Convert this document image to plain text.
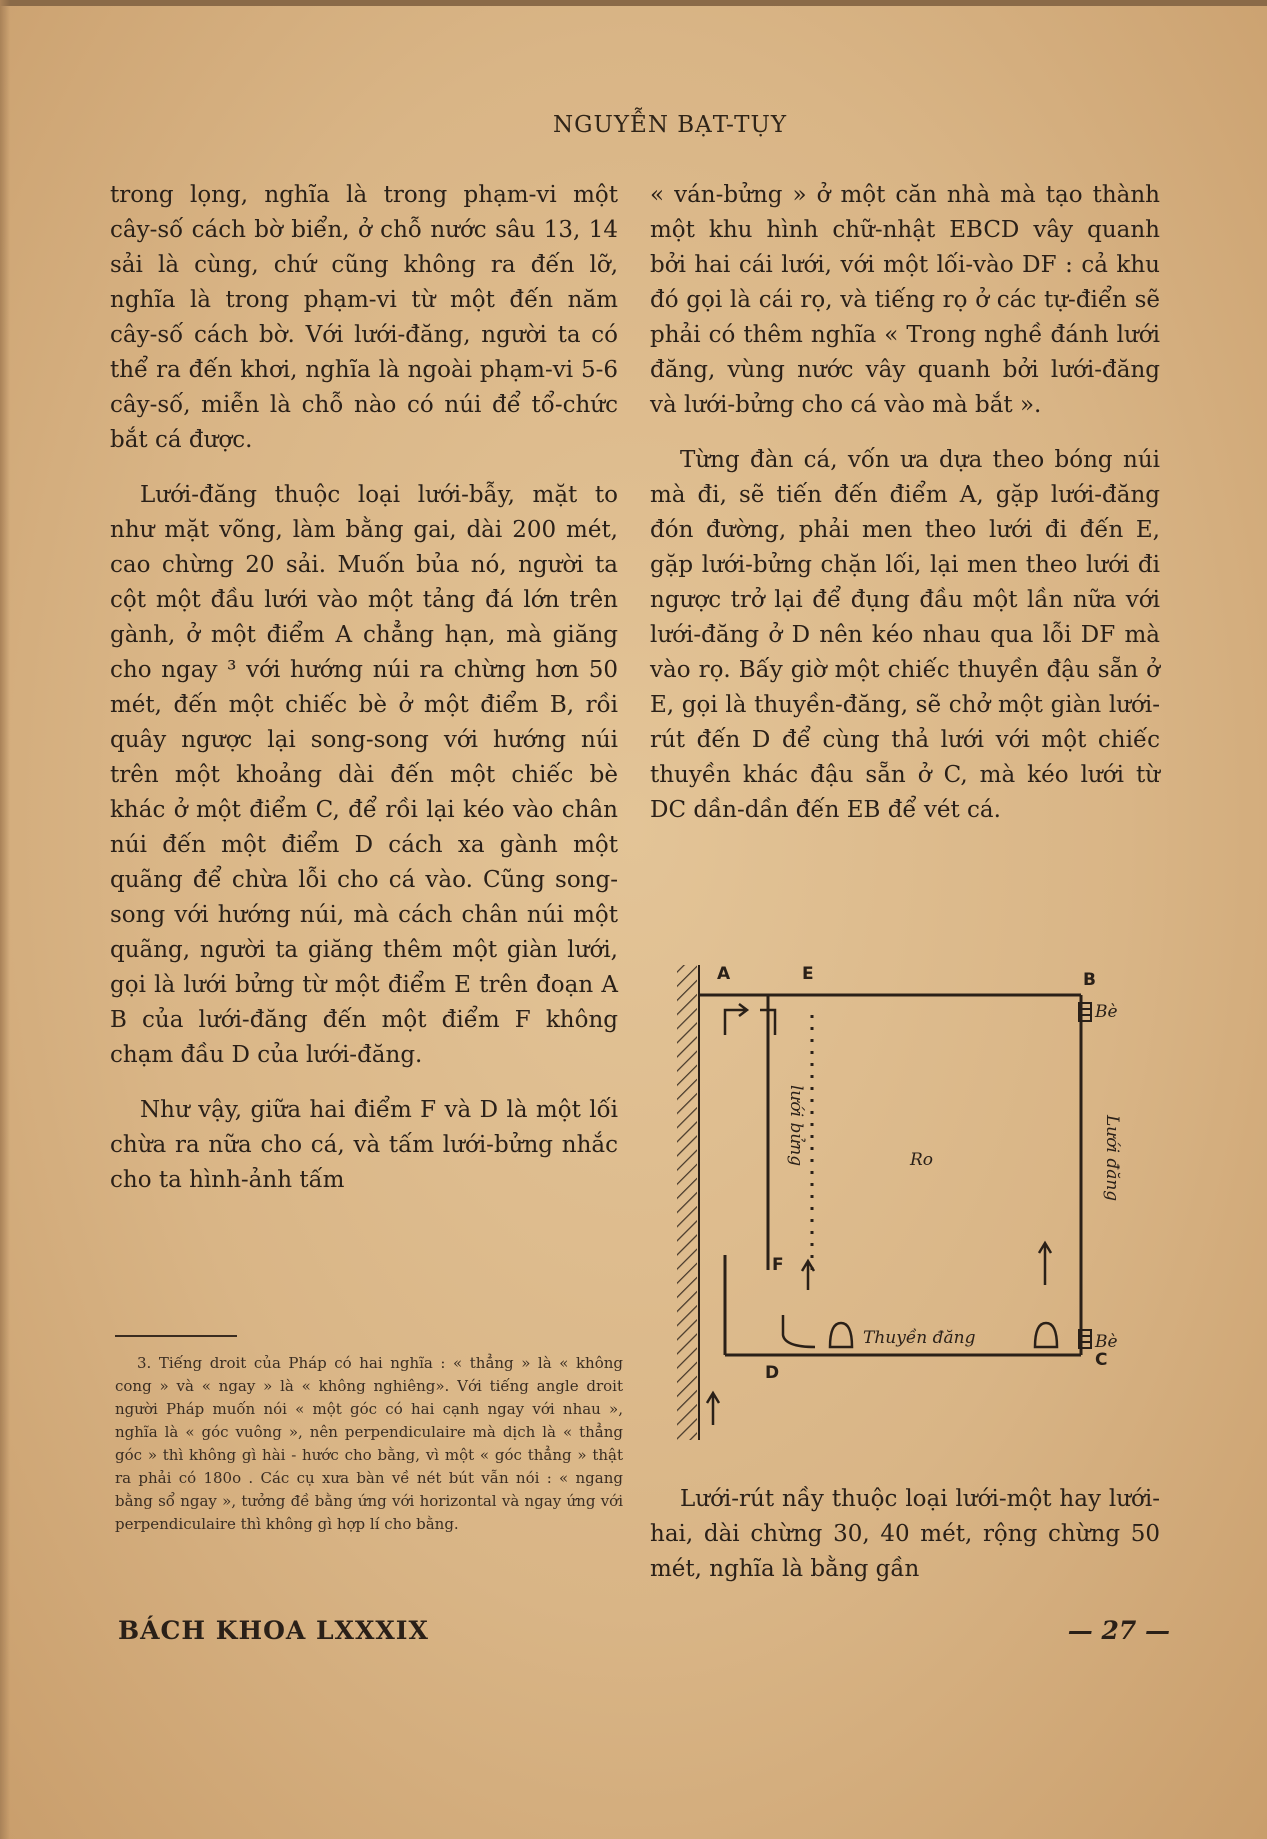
NGUYỄN BẠT-TỤY

trong lọng, nghĩa là trong phạm-vi một cây-số cách bờ biển, ở chỗ nước sâu 13, 14 sải là cùng, chứ cũng không ra đến lỡ, nghĩa là trong phạm-vi từ một đến năm cây-số cách bờ. Với lưới-đăng, người ta có thể ra đến khơi, nghĩa là ngoài phạm-vi 5-6 cây-số, miễn là chỗ nào có núi để tổ-chức bắt cá được.

Lưới-đăng thuộc loại lưới-bẫy, mặt to như mặt võng, làm bằng gai, dài 200 mét, cao chừng 20 sải. Muốn bủa nó, người ta cột một đầu lưới vào một tảng đá lớn trên gành, ở một điểm A chẳng hạn, mà giăng cho ngay ³ với hướng núi ra chừng hơn 50 mét, đến một chiếc bè ở một điểm B, rồi quây ngược lại song-song với hướng núi trên một khoảng dài đến một chiếc bè khác ở một điểm C, để rồi lại kéo vào chân núi đến một điểm D cách xa gành một quãng để chừa lỗi cho cá vào. Cũng song-song với hướng núi, mà cách chân núi một quãng, người ta giăng thêm một giàn lưới, gọi là lưới bửng từ một điểm E trên đoạn A B của lưới-đăng đến một điểm F không chạm đầu D của lưới-đăng.

Như vậy, giữa hai điểm F và D là một lối chừa ra nữa cho cá, và tấm lưới-bửng nhắc cho ta hình-ảnh tấm

3. Tiếng droit của Pháp có hai nghĩa : « thẳng » là « không cong » và « ngay » là « không nghiêng». Với tiếng angle droit người Pháp muốn nói « một góc có hai cạnh ngay với nhau », nghĩa là « góc vuông », nên perpendiculaire mà dịch là « thẳng góc » thì không gì hài - hước cho bằng, vì một « góc thẳng » thật ra phải có 180o . Các cụ xưa bàn về nét bút vẫn nói : « ngang bằng sổ ngay », tưởng đề bằng ứng với horizontal và ngay ứng với perpendiculaire thì không gì hợp lí cho bằng.

« ván-bửng » ở một căn nhà mà tạo thành một khu hình chữ-nhật EBCD vây quanh bởi hai cái lưới, với một lối-vào DF : cả khu đó gọi là cái rọ, và tiếng rọ ở các tự-điển sẽ phải có thêm nghĩa « Trong nghề đánh lưới đăng, vùng nước vây quanh bởi lưới-đăng và lưới-bửng cho cá vào mà bắt ».

Từng đàn cá, vốn ưa dựa theo bóng núi mà đi, sẽ tiến đến điểm A, gặp lưới-đăng đón đường, phải men theo lưới đi đến E, gặp lưới-bửng chặn lối, lại men theo lưới đi ngược trở lại để đụng đầu một lần nữa với lưới-đăng ở D nên kéo nhau qua lỗi DF mà vào rọ. Bấy giờ một chiếc thuyền đậu sẵn ở E, gọi là thuyền-đăng, sẽ chở một giàn lưới-rút đến D để cùng thả lưới với một chiếc thuyền khác đậu sẵn ở C, mà kéo lưới từ DC dần-dần đến EB để vét cá.

A	E	B
Bè
C
Bè
D
F
Ro
lưới bửng	Lưới đăng
Thuyền đăng

Lưới-rút nầy thuộc loại lưới-một hay lưới-hai, dài chừng 30, 40 mét, rộng chừng 50 mét, nghĩa là bằng gần

BÁCH KHOA LXXXIX	— 27 —
